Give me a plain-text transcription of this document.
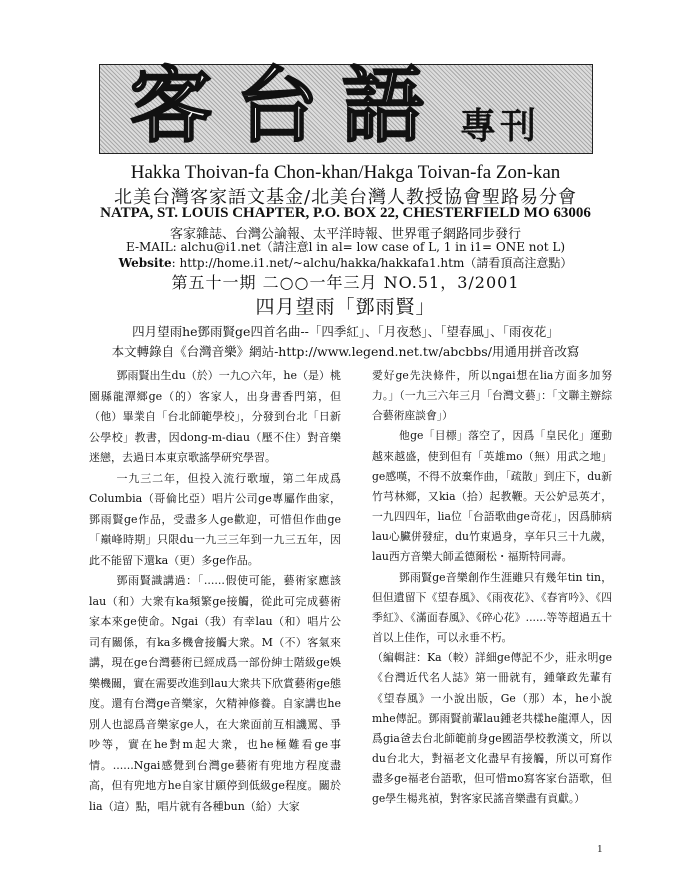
客台語 專刊
Hakka Thoivan-fa Chon-khan/Hakga Toivan-fa Zon-kan
北美台灣客家語文基金/北美台灣人教授協會聖路易分會
NATPA, ST. LOUIS CHAPTER, P.O. BOX 22, CHESTERFIELD MO 63006
客家雜誌、台灣公論報、太平洋時報、世界電子網路同步發行
E-MAIL: alchu@i1.net（請注意l in al= low case of L, 1 in i1= ONE not L)
Website: http://home.i1.net/~alchu/hakka/hakkafa1.htm（請看頂高注意點）
第五十一期 二○○一年三月 NO.51，3/2001
四月望雨「鄧雨賢」
四月望雨he鄧雨賢ge四首名曲--「四季紅」、「月夜愁」、「望春風」、「雨夜花」
本文轉錄自《台灣音樂》網站-http://www.legend.net.tw/abcbbs/用通用拼音改寫

鄧雨賢出生du（於）一九○六年，he（是）桃園縣龍潭鄉ge（的）客家人，出身書香門第，但（他）畢業自「台北師範學校」，分發到台北「日新公學校」教書，因dong-m-diau（壓不住）對音樂迷戀，去過日本東京歌謠學研究學習。

一九三二年，但投入流行歌壇，第二年成爲Columbia（哥倫比亞）唱片公司ge專屬作曲家，鄧雨賢ge作品，受盡多人ge歡迎，可惜但作曲ge「巔峰時期」只限du一九三三年到一九三五年，因此不能留下還ka（更）多ge作品。

鄧雨賢識講過：「......假使可能，藝術家應該lau（和）大衆有ka頻繁ge接觸，從此可完成藝術家本來ge使命。Ngai（我）有幸lau（和）唱片公司有關係，有ka多機會接觸大衆。M（不）客氣來講，現在ge台灣藝術已經成爲一部份紳士階級ge娛樂機關，實在需要改進到lau大衆共下欣賞藝術ge態度。還有台灣ge音樂家，欠精神修養。自家講也he別人也認爲音樂家ge人，在大衆面前互相譏罵、爭吵等，實在he對m起大衆，也he極難看ge事情。......Ngai感覺到台灣ge藝術有兜地方程度盡高，但有兜地方he自家甘願停到低級ge程度。關於lia（這）點，唱片就有各種bun（給）大家

愛好ge先決條件，所以ngai想在lia方面多加努力。」（一九三六年三月「台灣文藝」：「文聯主辦綜合藝術座談會」）

他ge「目標」落空了，因爲「皇民化」運動越來越盛，使到但有「英雄mo（無）用武之地」ge感嘆，不得不放棄作曲，「疏散」到庄下，du新竹芎林鄉，又kia（拾）起教鞭。天公妒忌英才，一九四四年，lia位「台語歌曲ge奇花」，因爲肺病lau心臟併發症，du竹東過身，享年只三十九歲，lau西方音樂大師孟德爾松・福斯特同壽。

鄧雨賢ge音樂創作生涯雖只有幾年tin tin，但但遺留下《望春風》、《雨夜花》、《春宵吟》、《四季紅》、《滿面春風》、《碎心花》......等等超過五十首以上佳作，可以永垂不朽。

（編輯註：Ka（較）詳細ge傳記不少，莊永明ge《台灣近代名人誌》第一冊就有，鍾肇政先輩有《望春風》一小說出版，Ge（那）本，he小說mhe傳記。鄧雨賢前輩lau鍾老共樣he龍潭人，因爲gia爸去台北師範前身ge國語學校教漢文，所以du台北大，對福老文化盡早有接觸，所以可寫作盡多ge福老台語歌，但可惜mo寫客家台語歌，但ge學生楊兆禎，對客家民謠音樂盡有貢獻。）

1
